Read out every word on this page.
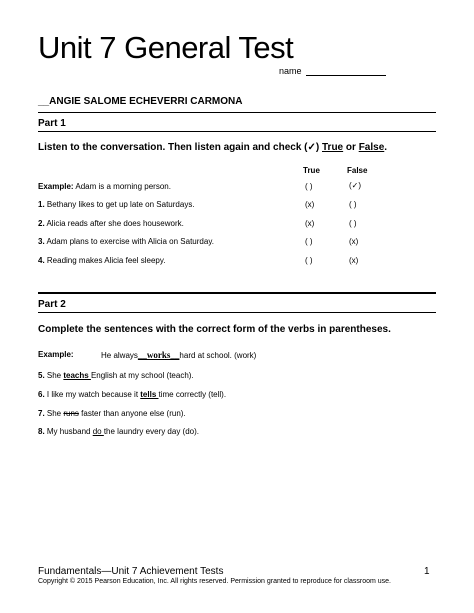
Unit 7 General Test
name
__ANGIE SALOME ECHEVERRI CARMONA
Part 1
Listen to the conversation. Then listen again and check (✓) True or False.
True	False
Example: Adam is a morning person.	( )	(✓)
1. Bethany likes to get up late on Saturdays.	(x)	( )
2. Alicia reads after she does housework.	(x)	( )
3. Adam plans to exercise with Alicia on Saturday.	( )	(x)
4. Reading makes Alicia feel sleepy.	( )	(x)
Part 2
Complete the sentences with the correct form of the verbs in parentheses.
Example:	He always__works__hard at school. (work)
5. She teachs English at my school (teach).
6. I like my watch because it tells time correctly (tell).
7. She runs faster than anyone else (run).
8. My husband do the laundry every day (do).
Fundamentals—Unit 7 Achievement Tests	1
Copyright © 2015 Pearson Education, Inc. All rights reserved. Permission granted to reproduce for classroom use.
